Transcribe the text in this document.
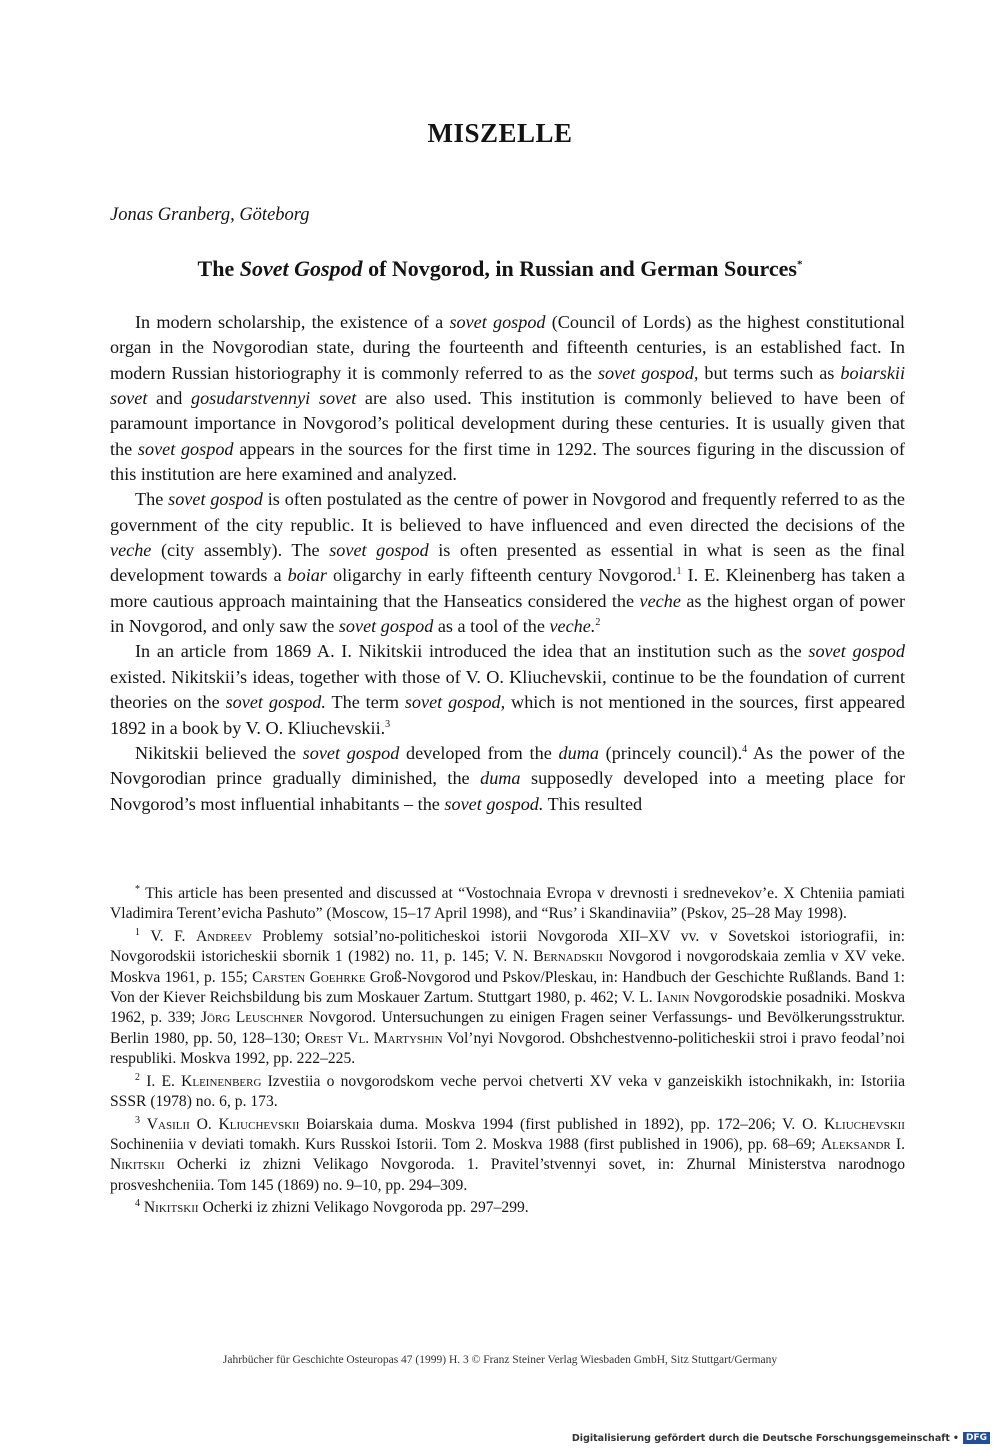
MISZELLE

Jonas Granberg, Göteborg

The Sovet Gospod of Novgorod, in Russian and German Sources*

In modern scholarship, the existence of a sovet gospod (Council of Lords) as the highest constitutional organ in the Novgorodian state, during the fourteenth and fifteenth centuries, is an established fact. In modern Russian historiography it is commonly referred to as the sovet gospod, but terms such as boiarskii sovet and gosudarstvennyi sovet are also used. This institution is commonly believed to have been of paramount importance in Novgorod’s political development during these centuries. It is usually given that the sovet gospod appears in the sources for the first time in 1292. The sources figuring in the discussion of this institution are here examined and analyzed.

The sovet gospod is often postulated as the centre of power in Novgorod and frequently referred to as the government of the city republic. It is believed to have influenced and even directed the decisions of the veche (city assembly). The sovet gospod is often presented as essential in what is seen as the final development towards a boiar oligarchy in early fifteenth century Novgorod.$^1$ I. E. Kleinenberg has taken a more cautious approach maintaining that the Hanseatics considered the veche as the highest organ of power in Novgorod, and only saw the sovet gospod as a tool of the veche.$^2$

In an article from 1869 A. I. Nikitskii introduced the idea that an institution such as the sovet gospod existed. Nikitskii’s ideas, together with those of V. O. Kliuchevskii, continue to be the foundation of current theories on the sovet gospod. The term sovet gospod, which is not mentioned in the sources, first appeared 1892 in a book by V. O. Kliuchevskii.$^3$

Nikitskii believed the sovet gospod developed from the duma (princely council).$^4$ As the power of the Novgorodian prince gradually diminished, the duma supposedly developed into a meeting place for Novgorod’s most influential inhabitants – the sovet gospod. This resulted

* This article has been presented and discussed at “Vostochnaia Evropa v drevnosti i srednevekov’e. X Chteniia pamiati Vladimira Terent’evicha Pashuto” (Moscow, 15–17 April 1998), and “Rus’ i Skandinaviia” (Pskov, 25–28 May 1998).

$^1$ V. F. Andreev Problemy sotsial’no-politicheskoi istorii Novgoroda XII–XV vv. v Sovetskoi istoriografii, in: Novgorodskii istoricheskii sbornik 1 (1982) no. 11, p. 145; V. N. Bernadskii Novgorod i novgorodskaia zemlia v XV veke. Moskva 1961, p. 155; Carsten Goehrke Groß-Novgorod und Pskov/Pleskau, in: Handbuch der Geschichte Rußlands. Band 1: Von der Kiever Reichsbildung bis zum Moskauer Zartum. Stuttgart 1980, p. 462; V. L. Ianin Novgorodskie posadniki. Moskva 1962, p. 339; Jörg Leuschner Novgorod. Untersuchungen zu einigen Fragen seiner Verfassungs- und Bevölkerungsstruktur. Berlin 1980, pp. 50, 128–130; Orest Vl. Martyshin Vol’nyi Novgorod. Obshchestvenno-politicheskii stroi i pravo feodal’noi respubliki. Moskva 1992, pp. 222–225.

$^2$ I. E. Kleinenberg Izvestiia o novgorodskom veche pervoi chetverti XV veka v ganzeiskikh istochnikakh, in: Istoriia SSSR (1978) no. 6, p. 173.

$^3$ Vasilii O. Kliuchevskii Boiarskaia duma. Moskva 1994 (first published in 1892), pp. 172–206; V. O. Kliuchevskii Sochineniia v deviati tomakh. Kurs Russkoi Istorii. Tom 2. Moskva 1988 (first published in 1906), pp. 68–69; Aleksandr I. Nikitskii Ocherki iz zhizni Velikago Novgoroda. 1. Pravitel’stvennyi sovet, in: Zhurnal Ministerstva narodnogo prosveshcheniia. Tom 145 (1869) no. 9–10, pp. 294–309.

$^4$ Nikitskii Ocherki iz zhizni Velikago Novgoroda pp. 297–299.

Jahrbücher für Geschichte Osteuropas 47 (1999) H. 3 © Franz Steiner Verlag Wiesbaden GmbH, Sitz Stuttgart/Germany

Digitalisierung gefördert durch die Deutsche Forschungsgemeinschaft • DFG
